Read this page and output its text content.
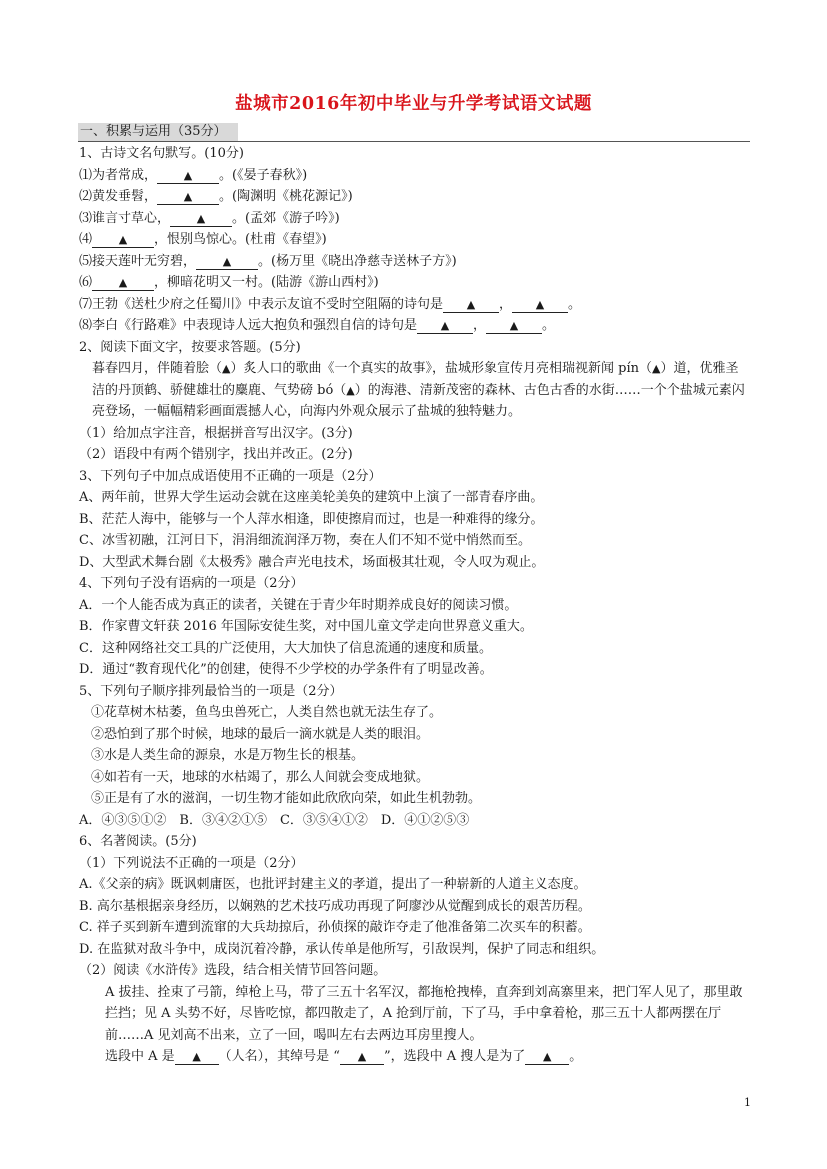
盐城市2016年初中毕业与升学考试语文试题
一、积累与运用（35分）

1、古诗文名句默写。(10分)

⑴为者常成， ▲ 。(《晏子春秋》)

⑵黄发垂髫， ▲ 。(陶渊明《桃花源记》)

⑶谁言寸草心， ▲ 。(孟郊《游子吟》)

⑷ ▲ ，恨别鸟惊心。(杜甫《春望》)

⑸接天莲叶无穷碧， ▲ 。(杨万里《晓出净慈寺送林子方》)

⑹ ▲ ，柳暗花明又一村。(陆游《游山西村》)

⑺王勃《送杜少府之任蜀川》中表示友谊不受时空阻隔的诗句是 ▲ ， ▲ 。

⑻李白《行路难》中表现诗人远大抱负和强烈自信的诗句是 ▲ ， ▲ 。

2、阅读下面文字，按要求答题。(5分)

暮春四月，伴随着脍（▲）炙人口的歌曲《一个真实的故事》，盐城形象宣传月亮相瑞视新闻 pín（▲）道，优雅圣洁的丹顶鹤、骄健雄壮的麋鹿、气势磅 bó（▲）的海港、清新茂密的森林、古色古香的水街……一个个盐城元素闪亮登场，一幅幅精彩画面震撼人心，向海内外观众展示了盐城的独特魅力。

（1）给加点字注音，根据拼音写出汉字。(3分)

（2）语段中有两个错别字，找出并改正。(2分)

3、下列句子中加点成语使用不正确的一项是（2分）

A、两年前，世界大学生运动会就在这座美轮美奂的建筑中上演了一部青春序曲。

B、茫茫人海中，能够与一个人萍水相逢，即使擦肩而过，也是一种难得的缘分。

C、冰雪初融，江河日下，涓涓细流润泽万物，奏在人们不知不觉中悄然而至。

D、大型武术舞台剧《太极秀》融合声光电技术，场面极其壮观，令人叹为观止。

4、下列句子没有语病的一项是（2分）

A．一个人能否成为真正的读者，关键在于青少年时期养成良好的阅读习惯。

B．作家曹文轩获 2016 年国际安徒生奖，对中国儿童文学走向世界意义重大。

C．这种网络社交工具的广泛使用，大大加快了信息流通的速度和质量。

D．通过“教育现代化”的创建，使得不少学校的办学条件有了明显改善。

5、下列句子顺序排列最恰当的一项是（2分）

①花草树木枯萎，鱼鸟虫兽死亡，人类自然也就无法生存了。

②恐怕到了那个时候，地球的最后一滴水就是人类的眼泪。

③水是人类生命的源泉，水是万物生长的根基。

④如若有一天，地球的水枯竭了，那么人间就会变成地狱。

⑤正是有了水的滋润，一切生物才能如此欣欣向荣，如此生机勃勃。

A．④③⑤①②　B．③④②①⑤　C．③⑤④①②　D．④①②⑤③

6、名著阅读。(5分)

（1）下列说法不正确的一项是（2分）

A.《父亲的病》既讽刺庸医，也批评封建主义的孝道，提出了一种崭新的人道主义态度。

B. 高尔基根据亲身经历，以娴熟的艺术技巧成功再现了阿廖沙从觉醒到成长的艰苦历程。

C. 祥子买到新车遭到流窜的大兵劫掠后，孙侦探的敲诈夺走了他准备第二次买车的积蓄。

D. 在监狱对敌斗争中，成岗沉着冷静，承认传单是他所写，引敌误判，保护了同志和组织。

（2）阅读《水浒传》选段，结合相关情节回答问题。

A 拔挂、拴束了弓箭，绰枪上马，带了三五十名军汉，都拖枪拽棒，直奔到刘高寨里来，把门军人见了，那里敢拦挡；见 A 头势不好，尽皆吃惊，都四散走了，A 抢到厅前，下了马，手中拿着枪，那三五十人都两摆在厅前……A 见刘高不出来，立了一回，喝叫左右去两边耳房里搜人。

选段中 A 是 ▲ （人名），其绰号是 “ ▲ ”，选段中 A 搜人是为了 ▲ 。

1
